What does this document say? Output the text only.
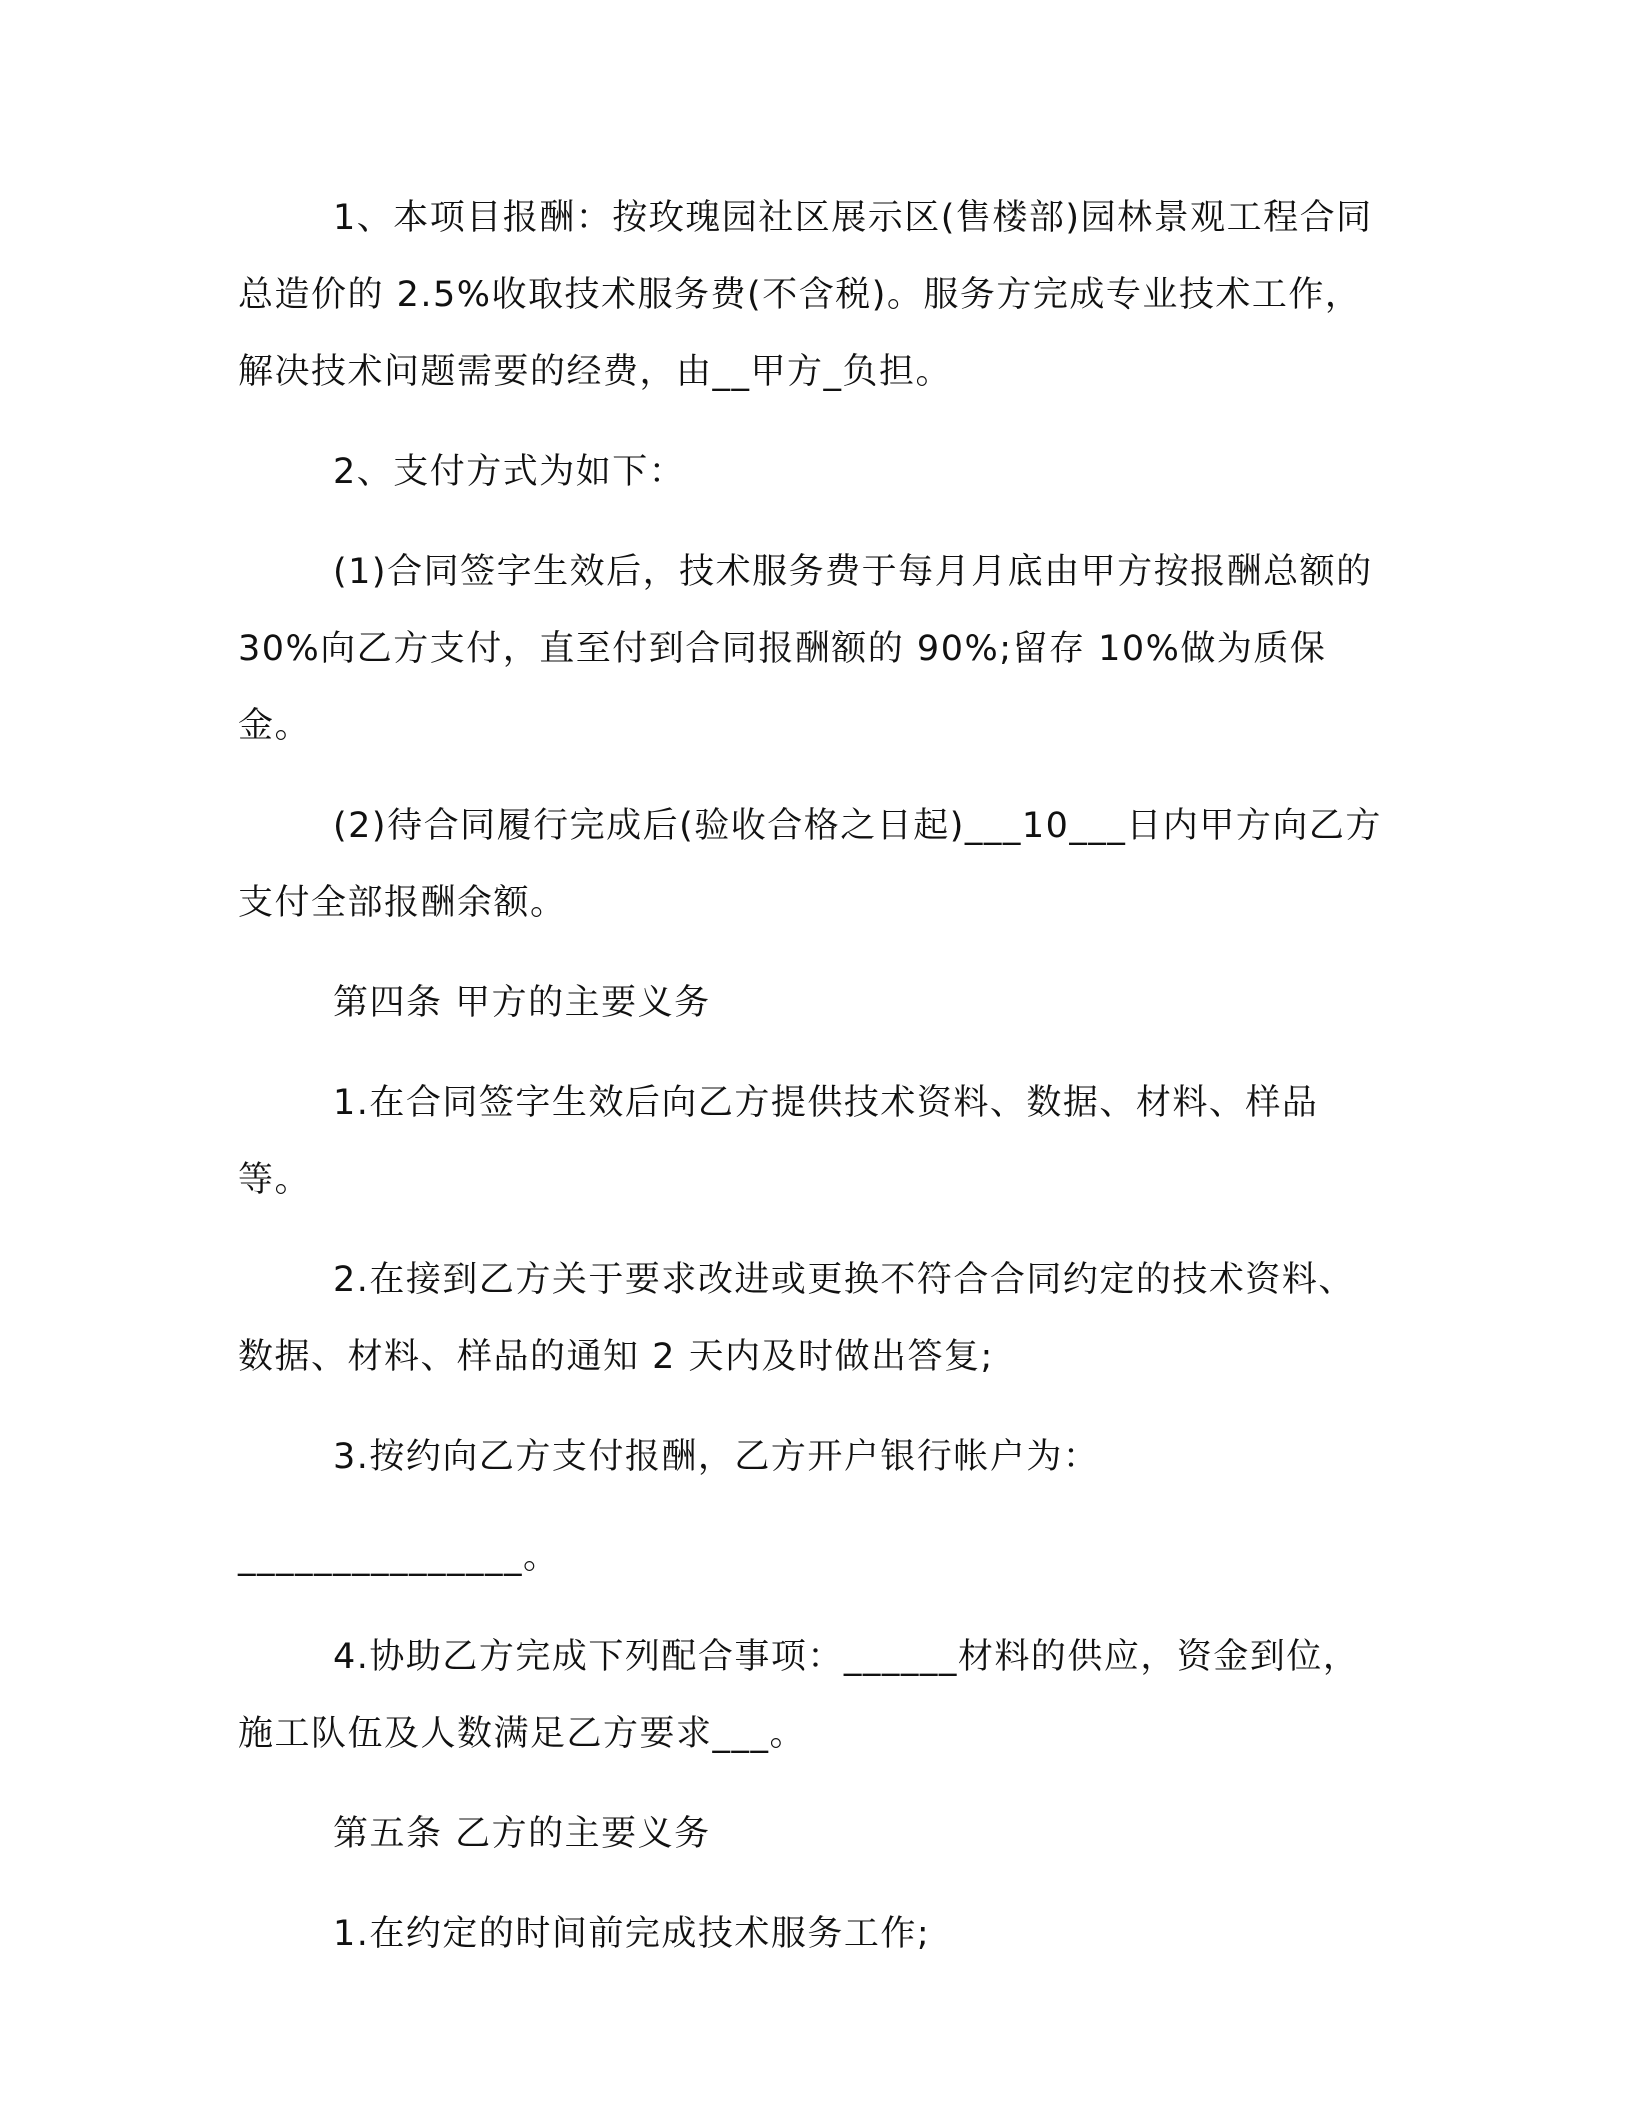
1、本项目报酬：按玫瑰园社区展示区(售楼部)园林景观工程合同总造价的 2.5%收取技术服务费(不含税)。服务方完成专业技术工作，解决技术问题需要的经费，由__甲方_负担。

2、支付方式为如下：

(1)合同签字生效后，技术服务费于每月月底由甲方按报酬总额的30%向乙方支付，直至付到合同报酬额的 90%;留存 10%做为质保金。

(2)待合同履行完成后(验收合格之日起)___10___日内甲方向乙方支付全部报酬余额。

第四条 甲方的主要义务

1.在合同签字生效后向乙方提供技术资料、数据、材料、样品等。

2.在接到乙方关于要求改进或更换不符合合同约定的技术资料、数据、材料、样品的通知 2 天内及时做出答复;

3.按约向乙方支付报酬，乙方开户银行帐户为：

_______________。

4.协助乙方完成下列配合事项：______材料的供应，资金到位，施工队伍及人数满足乙方要求___。

第五条 乙方的主要义务

1.在约定的时间前完成技术服务工作;
